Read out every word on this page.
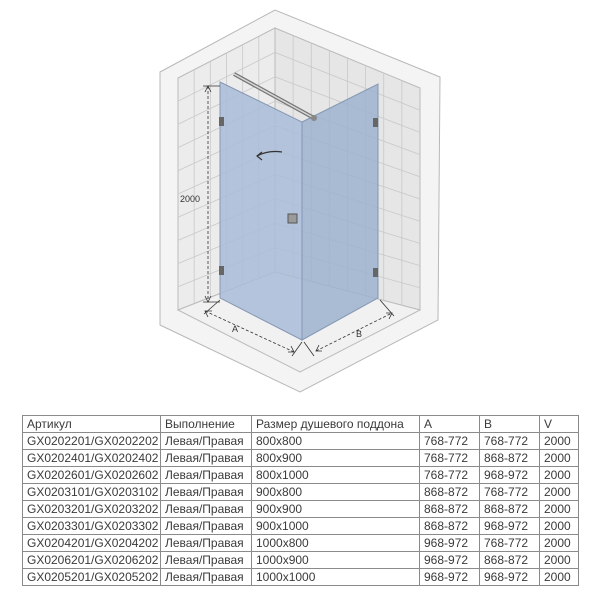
2000
A	B
Артикул	Выполнение	Размер душевого поддона	A	B	V
GX0202201/GX0202202	Левая/Правая	800x800	768-772	768-772	2000
GX0202401/GX0202402	Левая/Правая	800x900	768-772	868-872	2000
GX0202601/GX0202602	Левая/Правая	800x1000	768-772	968-972	2000
GX0203101/GX0203102	Левая/Правая	900x800	868-872	768-772	2000
GX0203201/GX0203202	Левая/Правая	900x900	868-872	868-872	2000
GX0203301/GX0203302	Левая/Правая	900x1000	868-872	968-972	2000
GX0204201/GX0204202	Левая/Правая	1000x800	968-972	768-772	2000
GX0206201/GX0206202	Левая/Правая	1000x900	968-972	868-872	2000
GX0205201/GX0205202	Левая/Правая	1000x1000	968-972	968-972	2000
